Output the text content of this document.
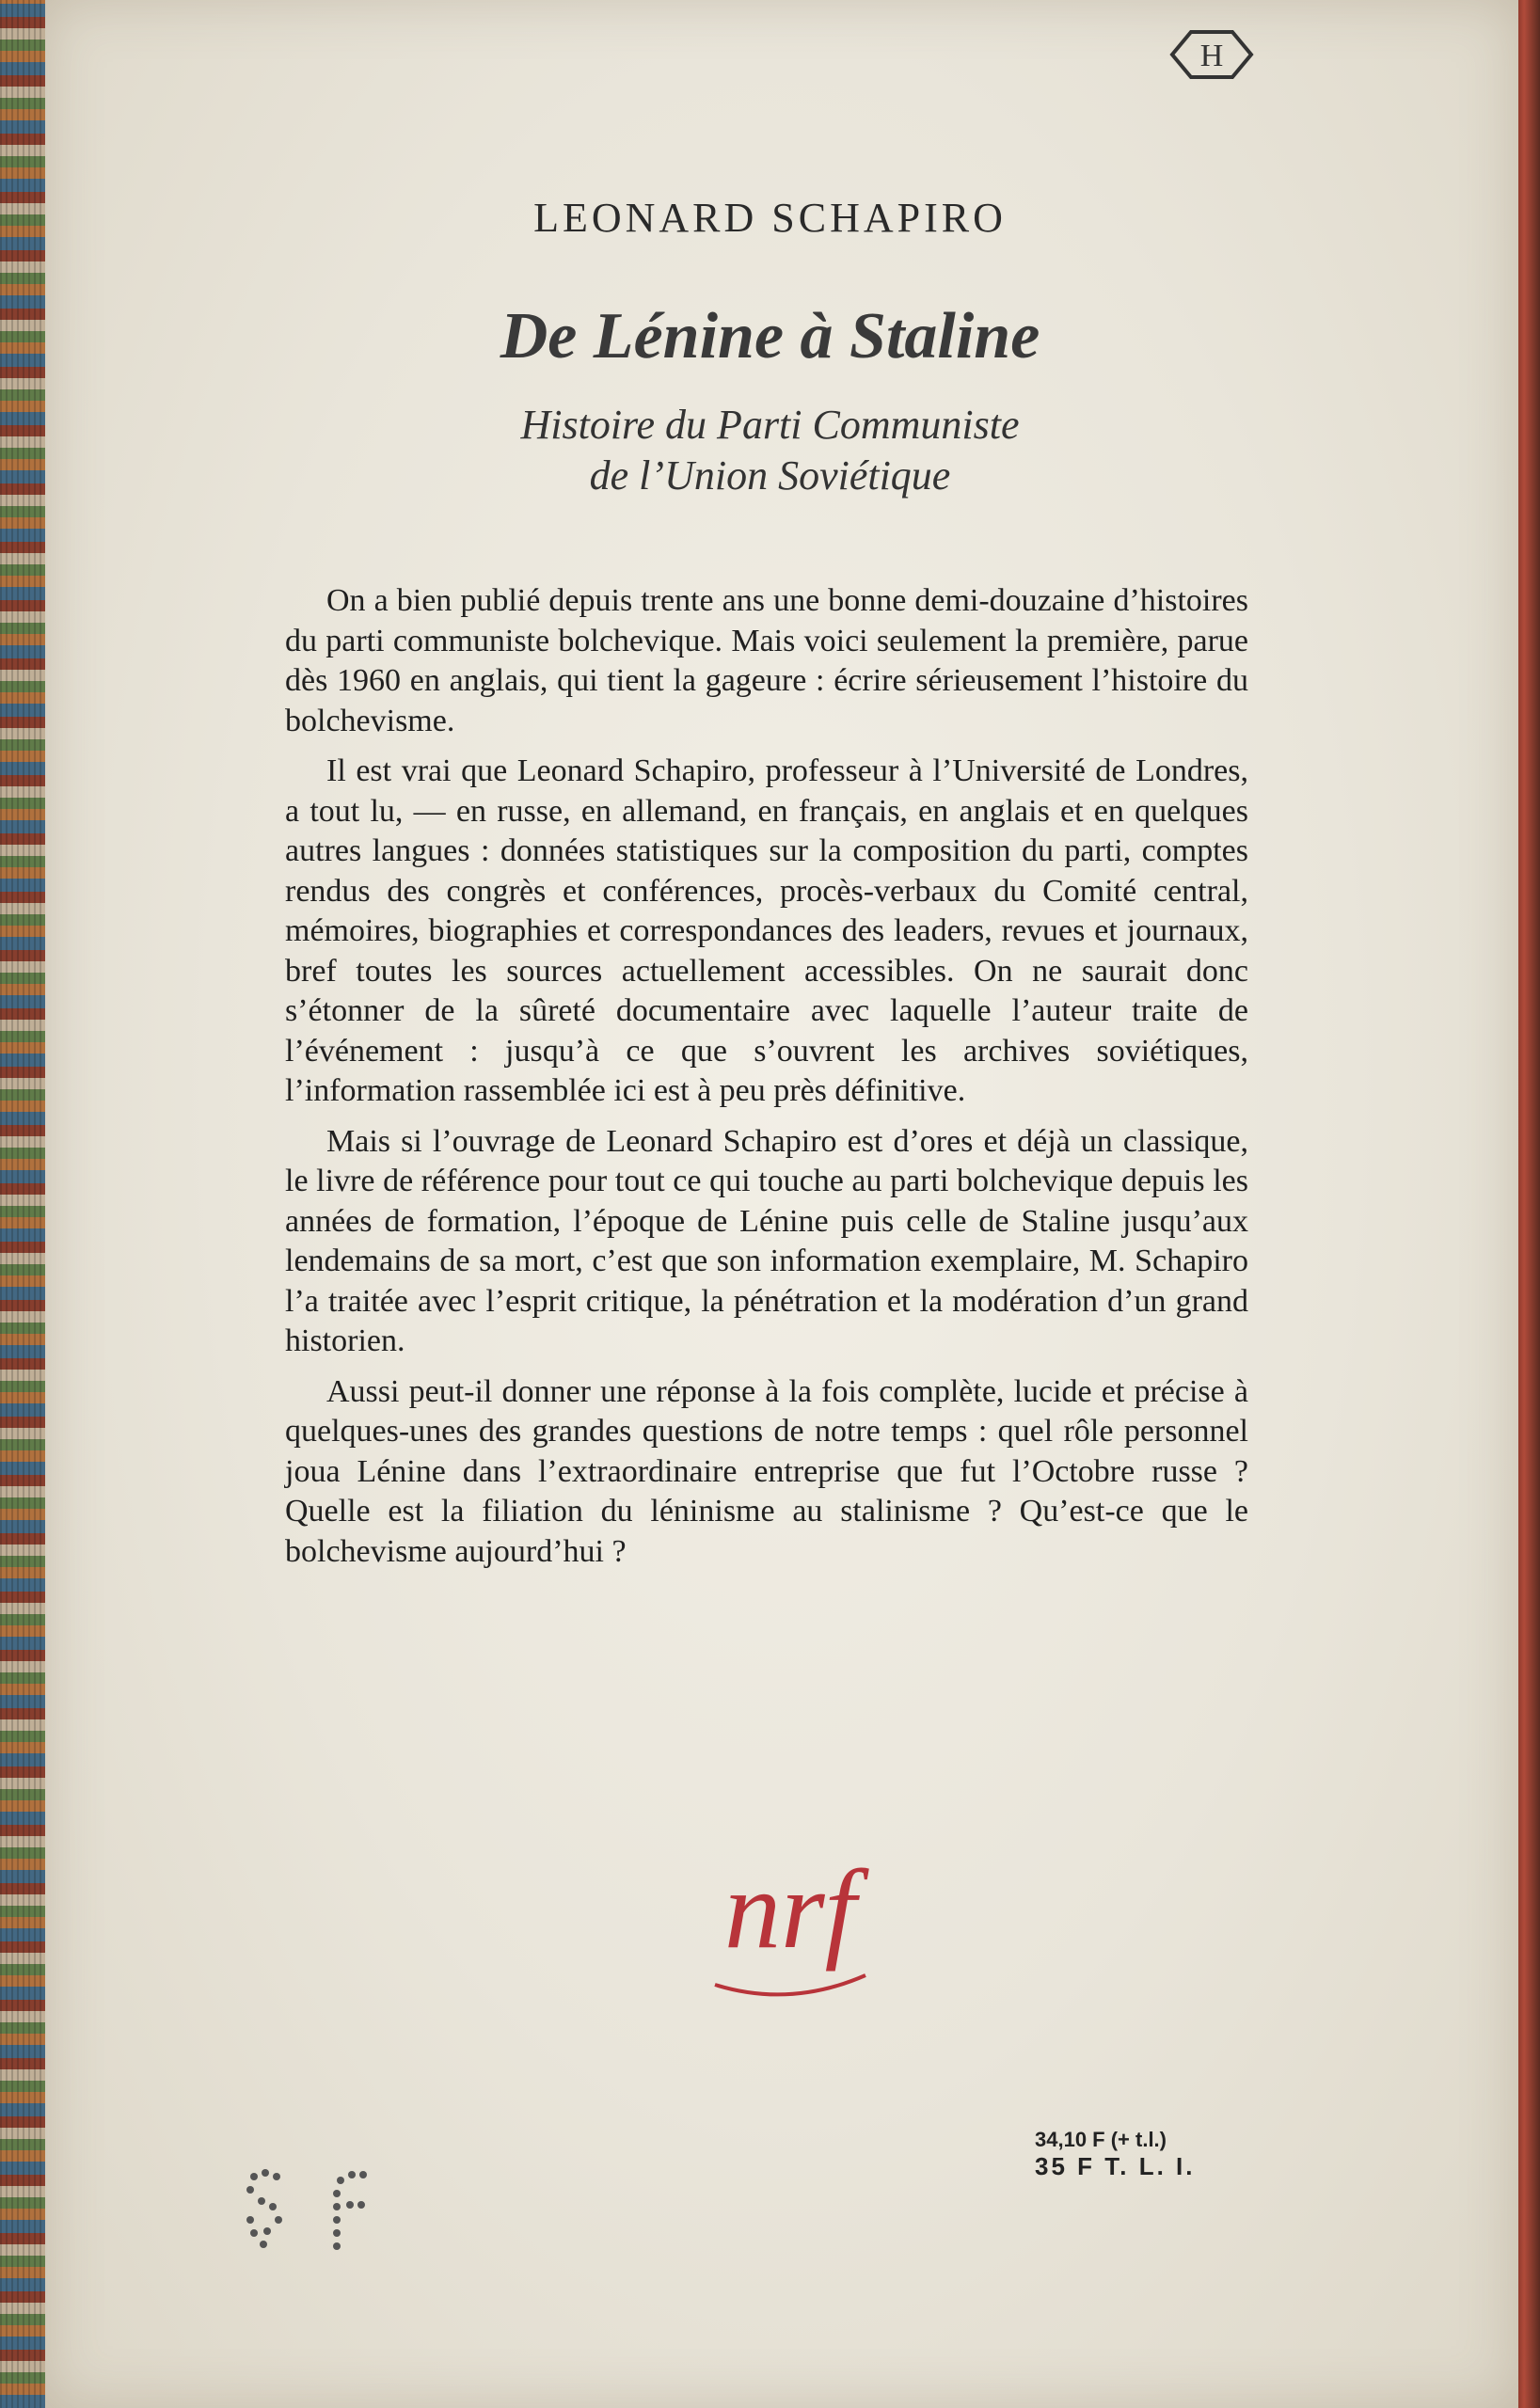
H
LEONARD SCHAPIRO
De Lénine à Staline
Histoire du Parti Communiste
de l’Union Soviétique

On a bien publié depuis trente ans une bonne demi-douzaine d’histoires du parti communiste bolchevique. Mais voici seulement la première, parue dès 1960 en anglais, qui tient la gageure : écrire sérieusement l’histoire du bolchevisme.

Il est vrai que Leonard Schapiro, professeur à l’Université de Londres, a tout lu, — en russe, en allemand, en français, en anglais et en quelques autres langues : données statistiques sur la composition du parti, comptes rendus des congrès et conférences, procès-verbaux du Comité central, mémoires, biographies et correspondances des leaders, revues et journaux, bref toutes les sources actuellement accessibles. On ne saurait donc s’étonner de la sûreté documentaire avec laquelle l’auteur traite de l’événement : jusqu’à ce que s’ouvrent les archives soviétiques, l’information rassemblée ici est à peu près définitive.

Mais si l’ouvrage de Leonard Schapiro est d’ores et déjà un classique, le livre de référence pour tout ce qui touche au parti bolchevique depuis les années de formation, l’époque de Lénine puis celle de Staline jusqu’aux lendemains de sa mort, c’est que son information exemplaire, M. Schapiro l’a traitée avec l’esprit critique, la pénétration et la modération d’un grand historien.

Aussi peut-il donner une réponse à la fois complète, lucide et précise à quelques-unes des grandes questions de notre temps : quel rôle personnel joua Lénine dans l’extraordinaire entreprise que fut l’Octobre russe ? Quelle est la filiation du léninisme au stalinisme ? Qu’est-ce que le bolchevisme aujourd’hui ?

nrf
34,10 F (+ t.l.)
35 F T. L. I.
